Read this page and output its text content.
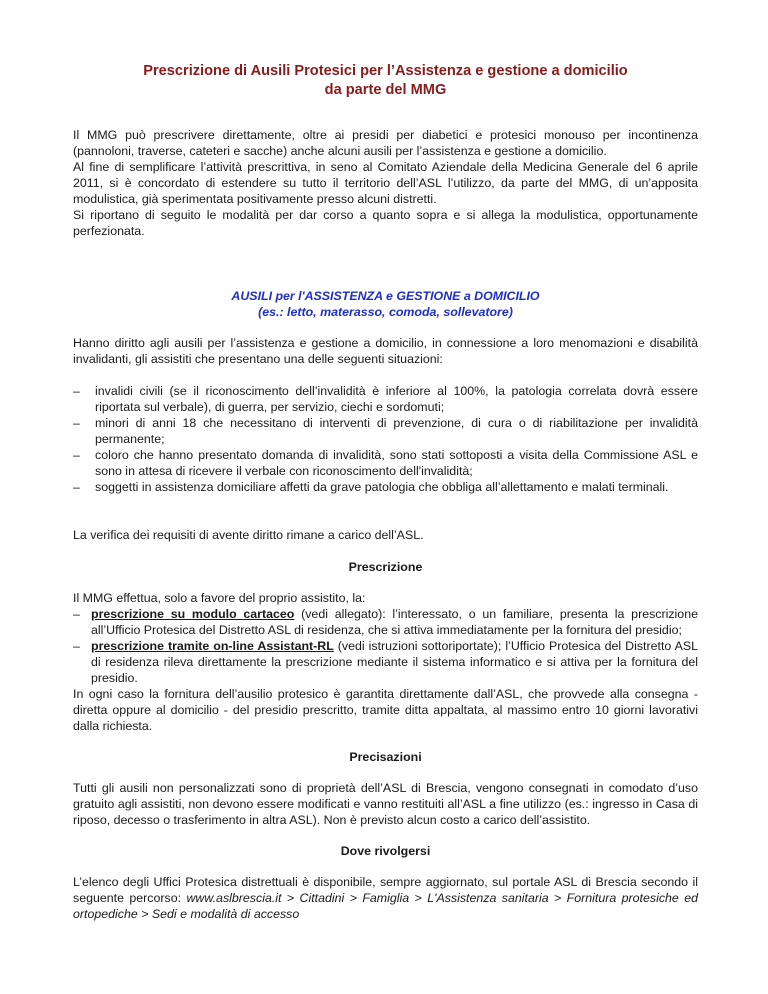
Prescrizione di Ausili Protesici per l’Assistenza e gestione a domicilio
da parte del MMG

Il MMG può prescrivere direttamente, oltre ai presidi per diabetici e protesici monouso per incontinenza (pannoloni, traverse, cateteri e sacche) anche alcuni ausili per l’assistenza e gestione a domicilio.

Al fine di semplificare l’attività prescrittiva, in seno al Comitato Aziendale della Medicina Generale del 6 aprile 2011, si è concordato di estendere su tutto il territorio dell’ASL l’utilizzo, da parte del MMG, di un’apposita modulistica, già sperimentata positivamente presso alcuni distretti.

Si riportano di seguito le modalità per dar corso a quanto sopra e si allega la modulistica, opportunamente perfezionata.

AUSILI per l'ASSISTENZA e GESTIONE a DOMICILIO
(es.: letto, materasso, comoda, sollevatore)

Hanno diritto agli ausili per l’assistenza e gestione a domicilio, in connessione a loro menomazioni e disabilità invalidanti, gli assistiti che presentano una delle seguenti situazioni:

– invalidi civili (se il riconoscimento dell’invalidità è inferiore al 100%, la patologia correlata dovrà essere riportata sul verbale), di guerra, per servizio, ciechi e sordomuti;
– minori di anni 18 che necessitano di interventi di prevenzione, di cura o di riabilitazione per invalidità permanente;
– coloro che hanno presentato domanda di invalidità, sono stati sottoposti a visita della Commissione ASL e sono in attesa di ricevere il verbale con riconoscimento dell'invalidità;
– soggetti in assistenza domiciliare affetti da grave patologia che obbliga all’allettamento e malati terminali.

La verifica dei requisiti di avente diritto rimane a carico dell’ASL.

Prescrizione

Il MMG effettua, solo a favore del proprio assistito, la:

– prescrizione su modulo cartaceo (vedi allegato): l’interessato, o un familiare, presenta la prescrizione all’Ufficio Protesica del Distretto ASL di residenza, che si attiva immediatamente per la fornitura del presidio;
– prescrizione tramite on-line Assistant-RL (vedi istruzioni sottoriportate); l’Ufficio Protesica del Distretto ASL di residenza rileva direttamente la prescrizione mediante il sistema informatico e si attiva per la fornitura del presidio.

In ogni caso la fornitura dell’ausilio protesico è garantita direttamente dall’ASL, che provvede alla consegna - diretta oppure al domicilio - del presidio prescritto, tramite ditta appaltata, al massimo entro 10 giorni lavorativi dalla richiesta.

Precisazioni

Tutti gli ausili non personalizzati sono di proprietà dell’ASL di Brescia, vengono consegnati in comodato d’uso gratuito agli assistiti, non devono essere modificati e vanno restituiti all’ASL a fine utilizzo (es.: ingresso in Casa di riposo, decesso o trasferimento in altra ASL). Non è previsto alcun costo a carico dell’assistito.

Dove rivolgersi

L’elenco degli Uffici Protesica distrettuali è disponibile, sempre aggiornato, sul portale ASL di Brescia secondo il seguente percorso: www.aslbrescia.it > Cittadini > Famiglia > L'Assistenza sanitaria > Fornitura protesiche ed ortopediche > Sedi e modalità di accesso
